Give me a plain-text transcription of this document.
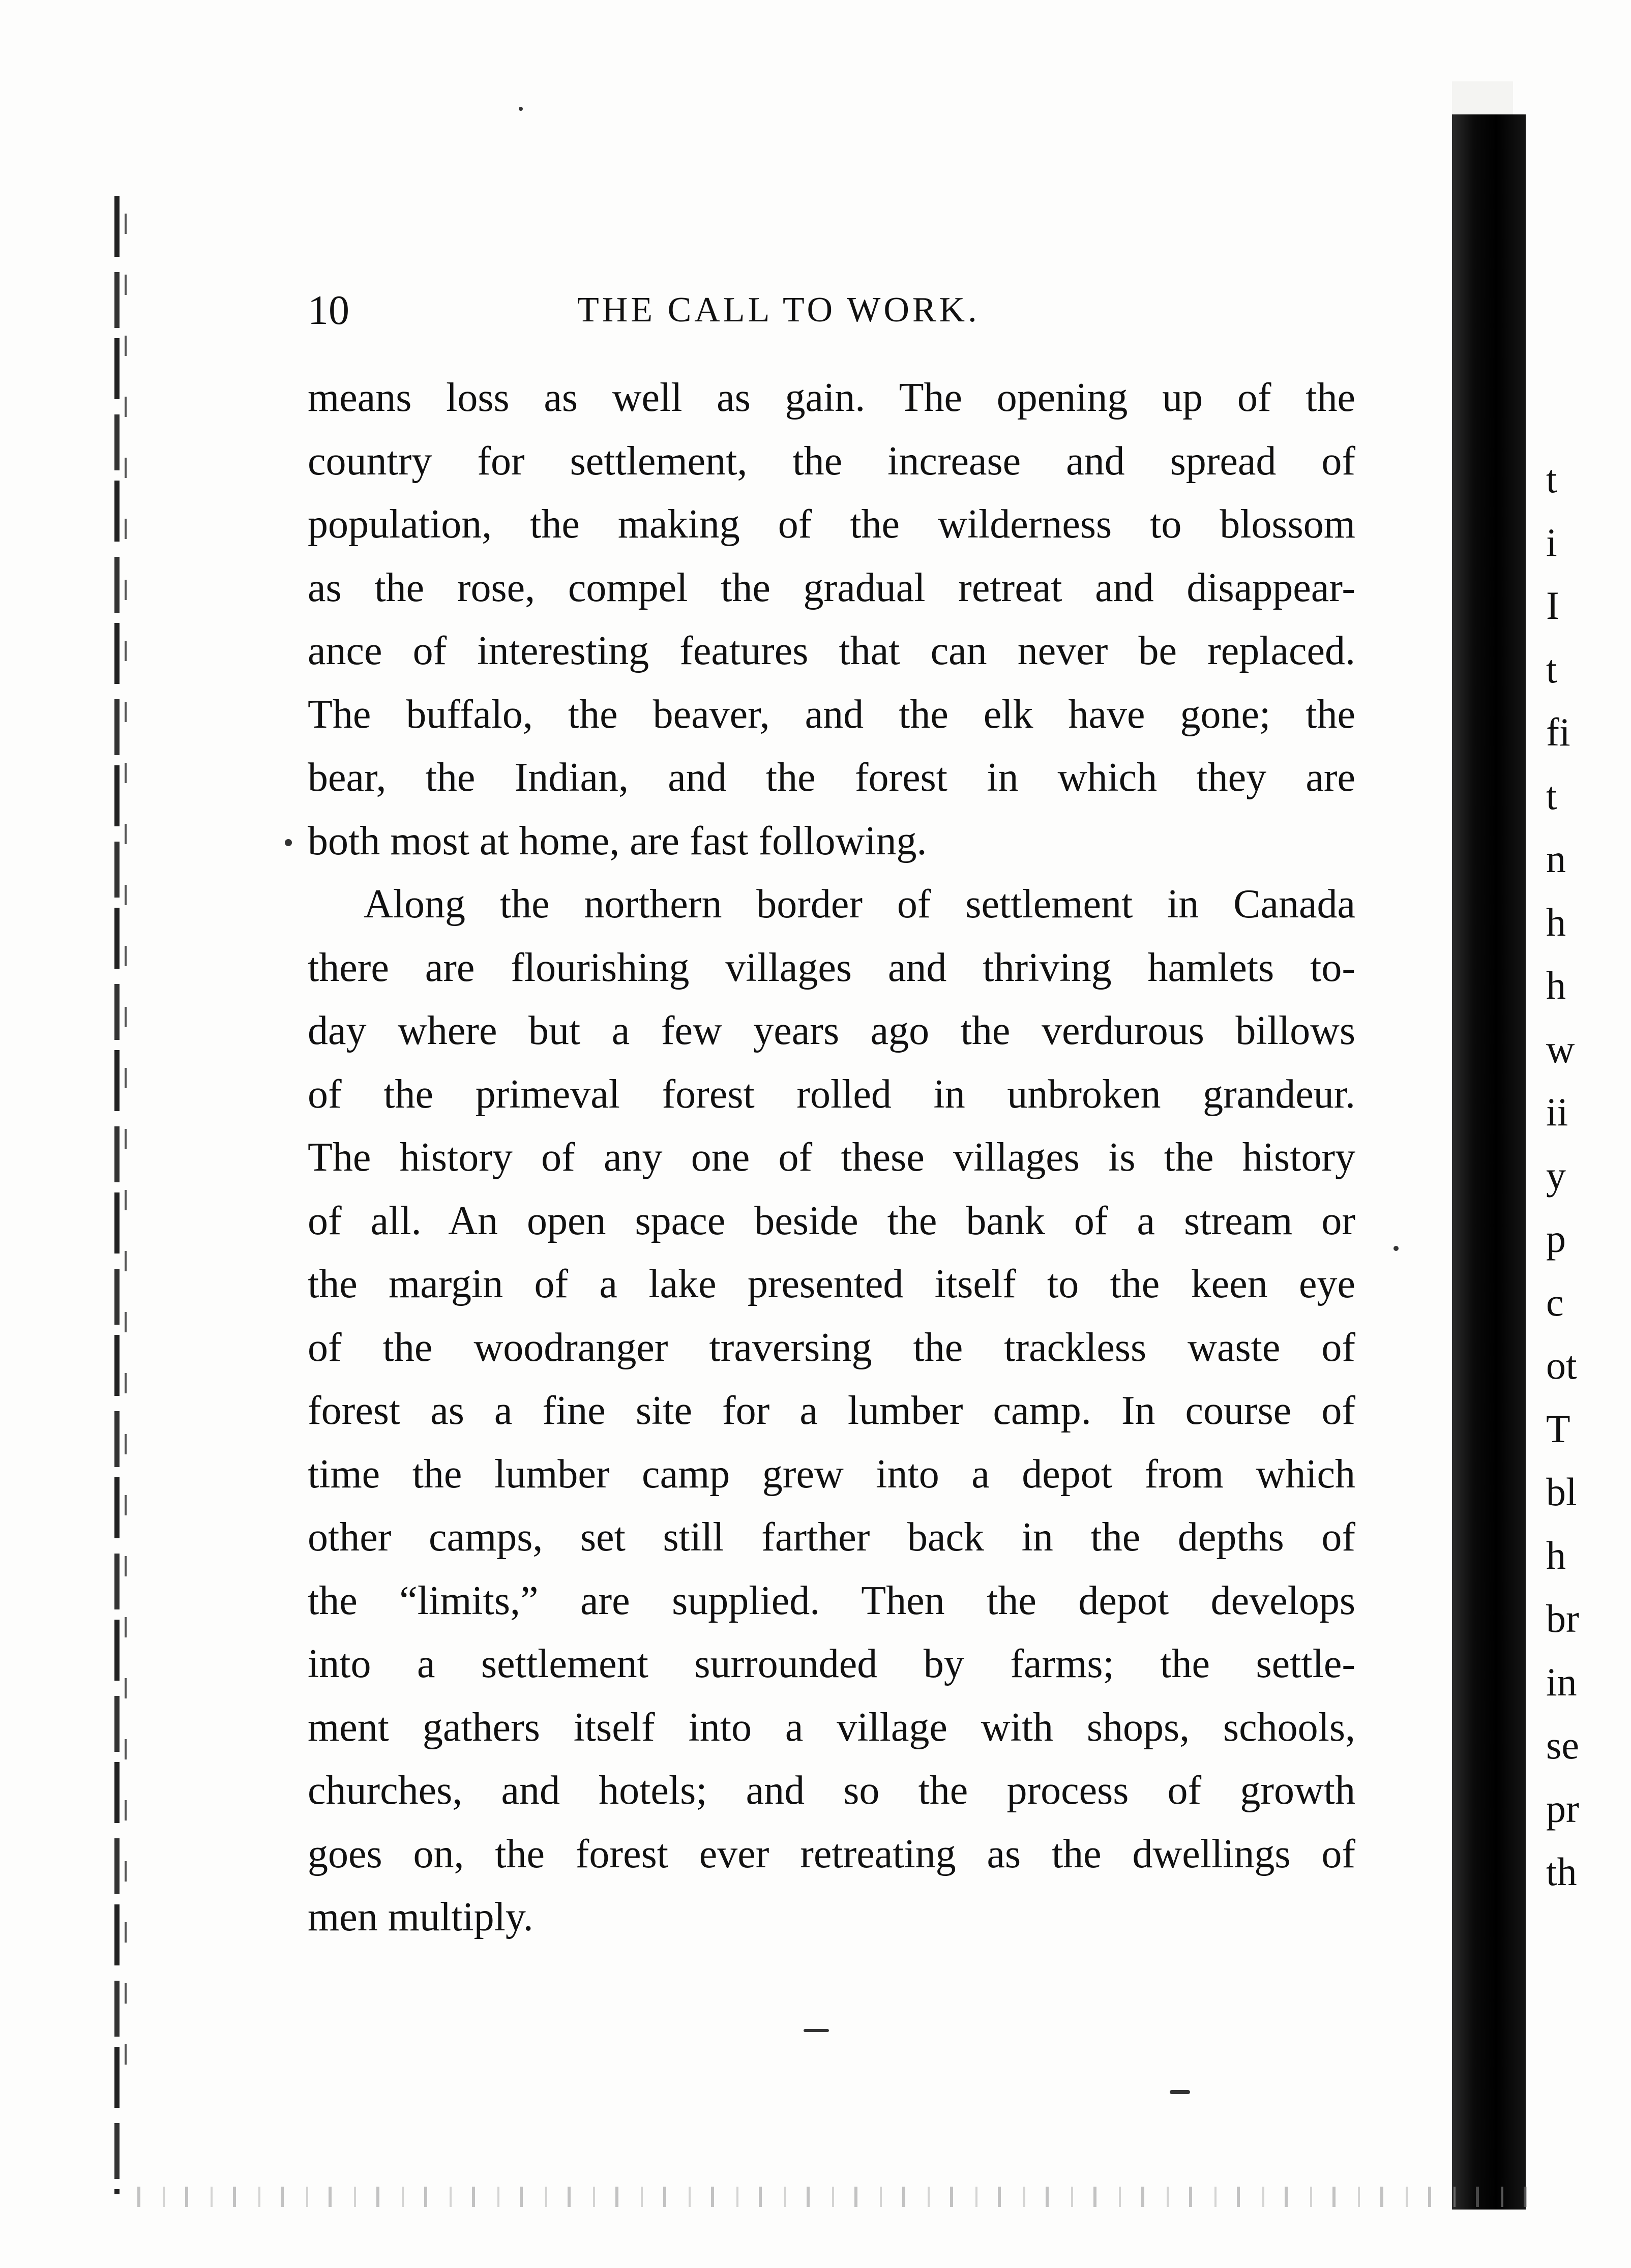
10	THE CALL TO WORK.
means loss as well as gain. The opening up of the
country for settlement, the increase and spread of
population, the making of the wilderness to blossom
as the rose, compel the gradual retreat and disappear-
ance of interesting features that can never be replaced.
The buffalo, the beaver, and the elk have gone; the
bear, the Indian, and the forest in which they are
both most at home, are fast following.
Along the northern border of settlement in Canada
there are flourishing villages and thriving hamlets to-
day where but a few years ago the verdurous billows
of the primeval forest rolled in unbroken grandeur.
The history of any one of these villages is the history
of all. An open space beside the bank of a stream or
the margin of a lake presented itself to the keen eye
of the woodranger traversing the trackless waste of
forest as a fine site for a lumber camp. In course of
time the lumber camp grew into a depot from which
other camps, set still farther back in the depths of
the “limits,” are supplied. Then the depot develops
into a settlement surrounded by farms; the settle-
ment gathers itself into a village with shops, schools,
churches, and hotels; and so the process of growth
goes on, the forest ever retreating as the dwellings of
men multiply.
t
i
I
t
fi
t
n
h
h
w
ii
y
p
c
ot
T
bl
h
br
in
se
pr
th
